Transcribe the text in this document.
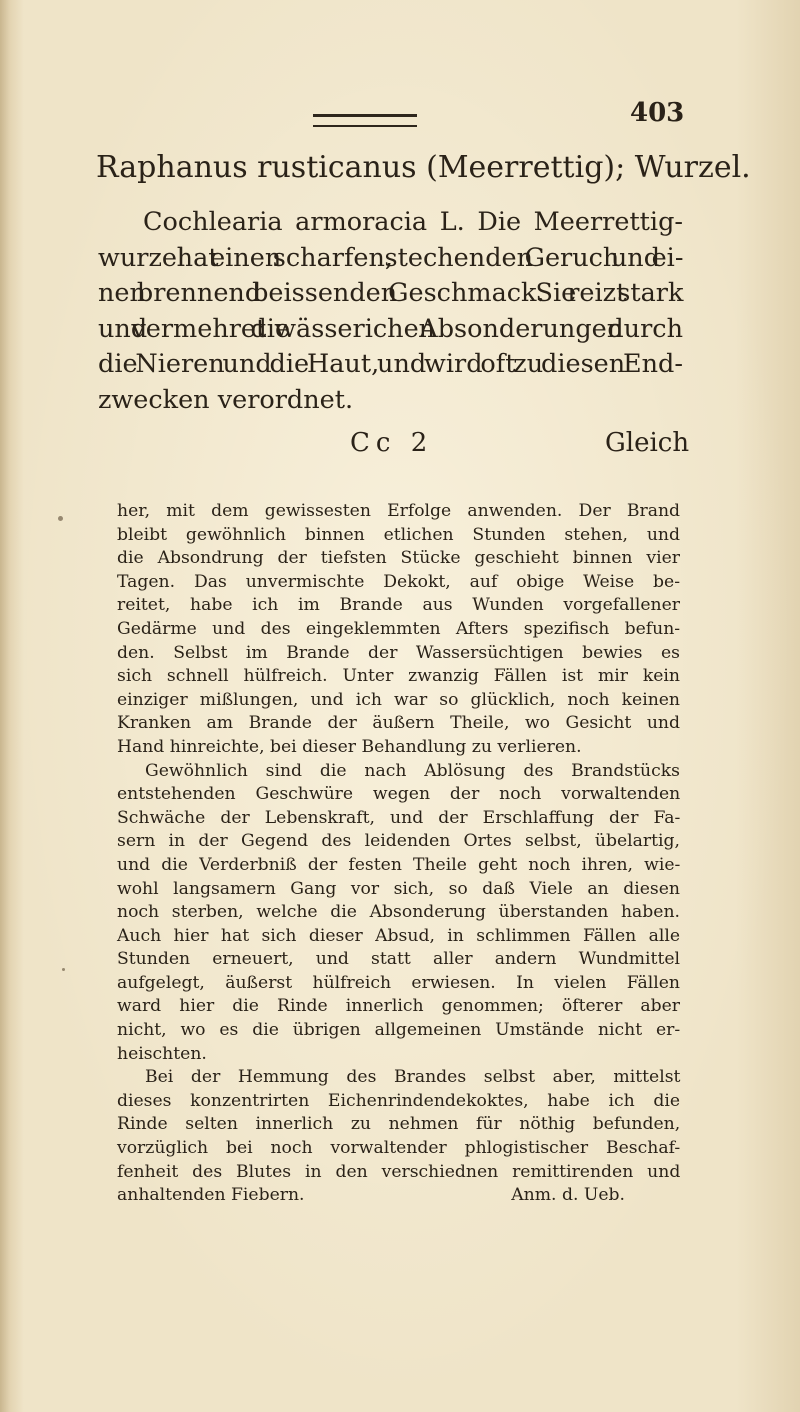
403
Raphanus rusticanus (Meerrettig); Wurzel.
Cochlearia armoracia L. Die Meerrettig-
wurzel hat einen scharfen, stechenden Geruch und ei-
nen brennend beissenden Geschmack. Sie reizt stark
und vermehret die wässerichen Absonderungen durch
die Nieren und die Haut, und wird oft zu diesen End-
zwecken verordnet.
Cc 2	Gleich
her, mit dem gewissesten Erfolge anwenden. Der Brand
bleibt gewöhnlich binnen etlichen Stunden stehen, und
die Absondrung der tiefsten Stücke geschieht binnen vier
Tagen. Das unvermischte Dekokt, auf obige Weise be-
reitet, habe ich im Brande aus Wunden vorgefallener
Gedärme und des eingeklemmten Afters spezifisch befun-
den. Selbst im Brande der Wassersüchtigen bewies es
sich schnell hülfreich. Unter zwanzig Fällen ist mir kein
einziger mißlungen, und ich war so glücklich, noch keinen
Kranken am Brande der äußern Theile, wo Gesicht und
Hand hinreichte, bei dieser Behandlung zu verlieren.
Gewöhnlich sind die nach Ablösung des Brandstücks
entstehenden Geschwüre wegen der noch vorwaltenden
Schwäche der Lebenskraft, und der Erschlaffung der Fa-
sern in der Gegend des leidenden Ortes selbst, übelartig,
und die Verderbniß der festen Theile geht noch ihren, wie-
wohl langsamern Gang vor sich, so daß Viele an diesen
noch sterben, welche die Absonderung überstanden haben.
Auch hier hat sich dieser Absud, in schlimmen Fällen alle
Stunden erneuert, und statt aller andern Wundmittel
aufgelegt, äußerst hülfreich erwiesen. In vielen Fällen
ward hier die Rinde innerlich genommen; öfterer aber
nicht, wo es die übrigen allgemeinen Umstände nicht er-
heischten.
Bei der Hemmung des Brandes selbst aber, mittelst
dieses konzentrirten Eichenrindendekoktes, habe ich die
Rinde selten innerlich zu nehmen für nöthig befunden,
vorzüglich bei noch vorwaltender phlogistischer Beschaf-
fenheit des Blutes in den verschiednen remittirenden und
anhaltenden Fiebern.	Anm. d. Ueb.
